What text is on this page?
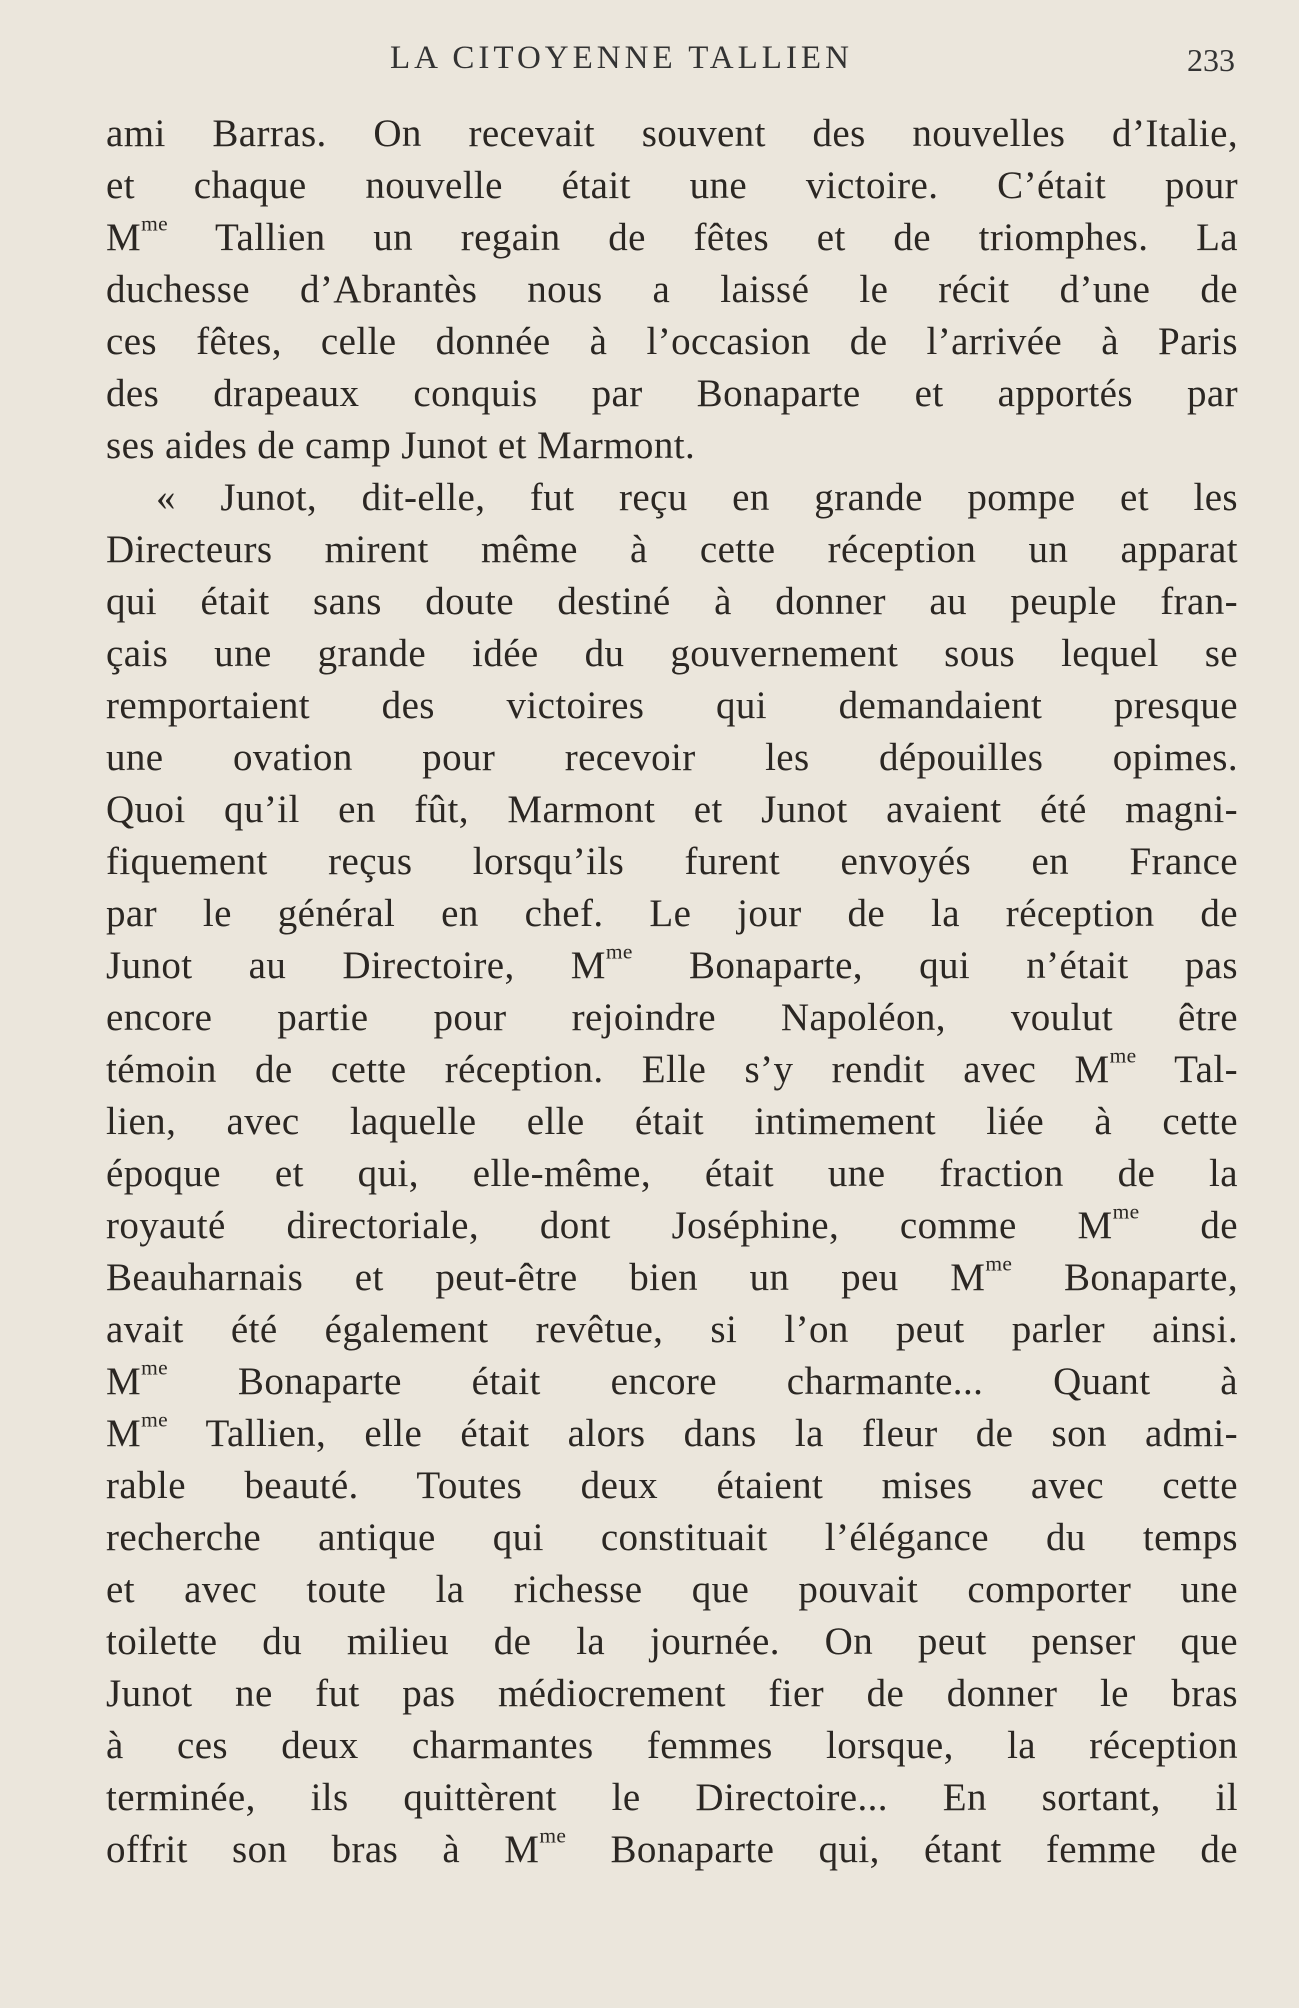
LA CITOYENNE TALLIEN	233
ami Barras. On recevait souvent des nouvelles d’Italie,
et chaque nouvelle était une victoire. C’était pour
$M^{me}$ Tallien un regain de fêtes et de triomphes. La
duchesse d’Abrantès nous a laissé le récit d’une de
ces fêtes, celle donnée à l’occasion de l’arrivée à Paris
des drapeaux conquis par Bonaparte et apportés par
ses aides de camp Junot et Marmont.
« Junot, dit-elle, fut reçu en grande pompe et les
Directeurs mirent même à cette réception un apparat
qui était sans doute destiné à donner au peuple fran-
çais une grande idée du gouvernement sous lequel se
remportaient des victoires qui demandaient presque
une ovation pour recevoir les dépouilles opimes.
Quoi qu’il en fût, Marmont et Junot avaient été magni-
fiquement reçus lorsqu’ils furent envoyés en France
par le général en chef. Le jour de la réception de
Junot au Directoire, $M^{me}$ Bonaparte, qui n’était pas
encore partie pour rejoindre Napoléon, voulut être
témoin de cette réception. Elle s’y rendit avec $M^{me}$ Tal-
lien, avec laquelle elle était intimement liée à cette
époque et qui, elle-même, était une fraction de la
royauté directoriale, dont Joséphine, comme $M^{me}$ de
Beauharnais et peut-être bien un peu $M^{me}$ Bonaparte,
avait été également revêtue, si l’on peut parler ainsi.
$M^{me}$ Bonaparte était encore charmante... Quant à
$M^{me}$ Tallien, elle était alors dans la fleur de son admi-
rable beauté. Toutes deux étaient mises avec cette
recherche antique qui constituait l’élégance du temps
et avec toute la richesse que pouvait comporter une
toilette du milieu de la journée. On peut penser que
Junot ne fut pas médiocrement fier de donner le bras
à ces deux charmantes femmes lorsque, la réception
terminée, ils quittèrent le Directoire... En sortant, il
offrit son bras à $M^{me}$ Bonaparte qui, étant femme de
